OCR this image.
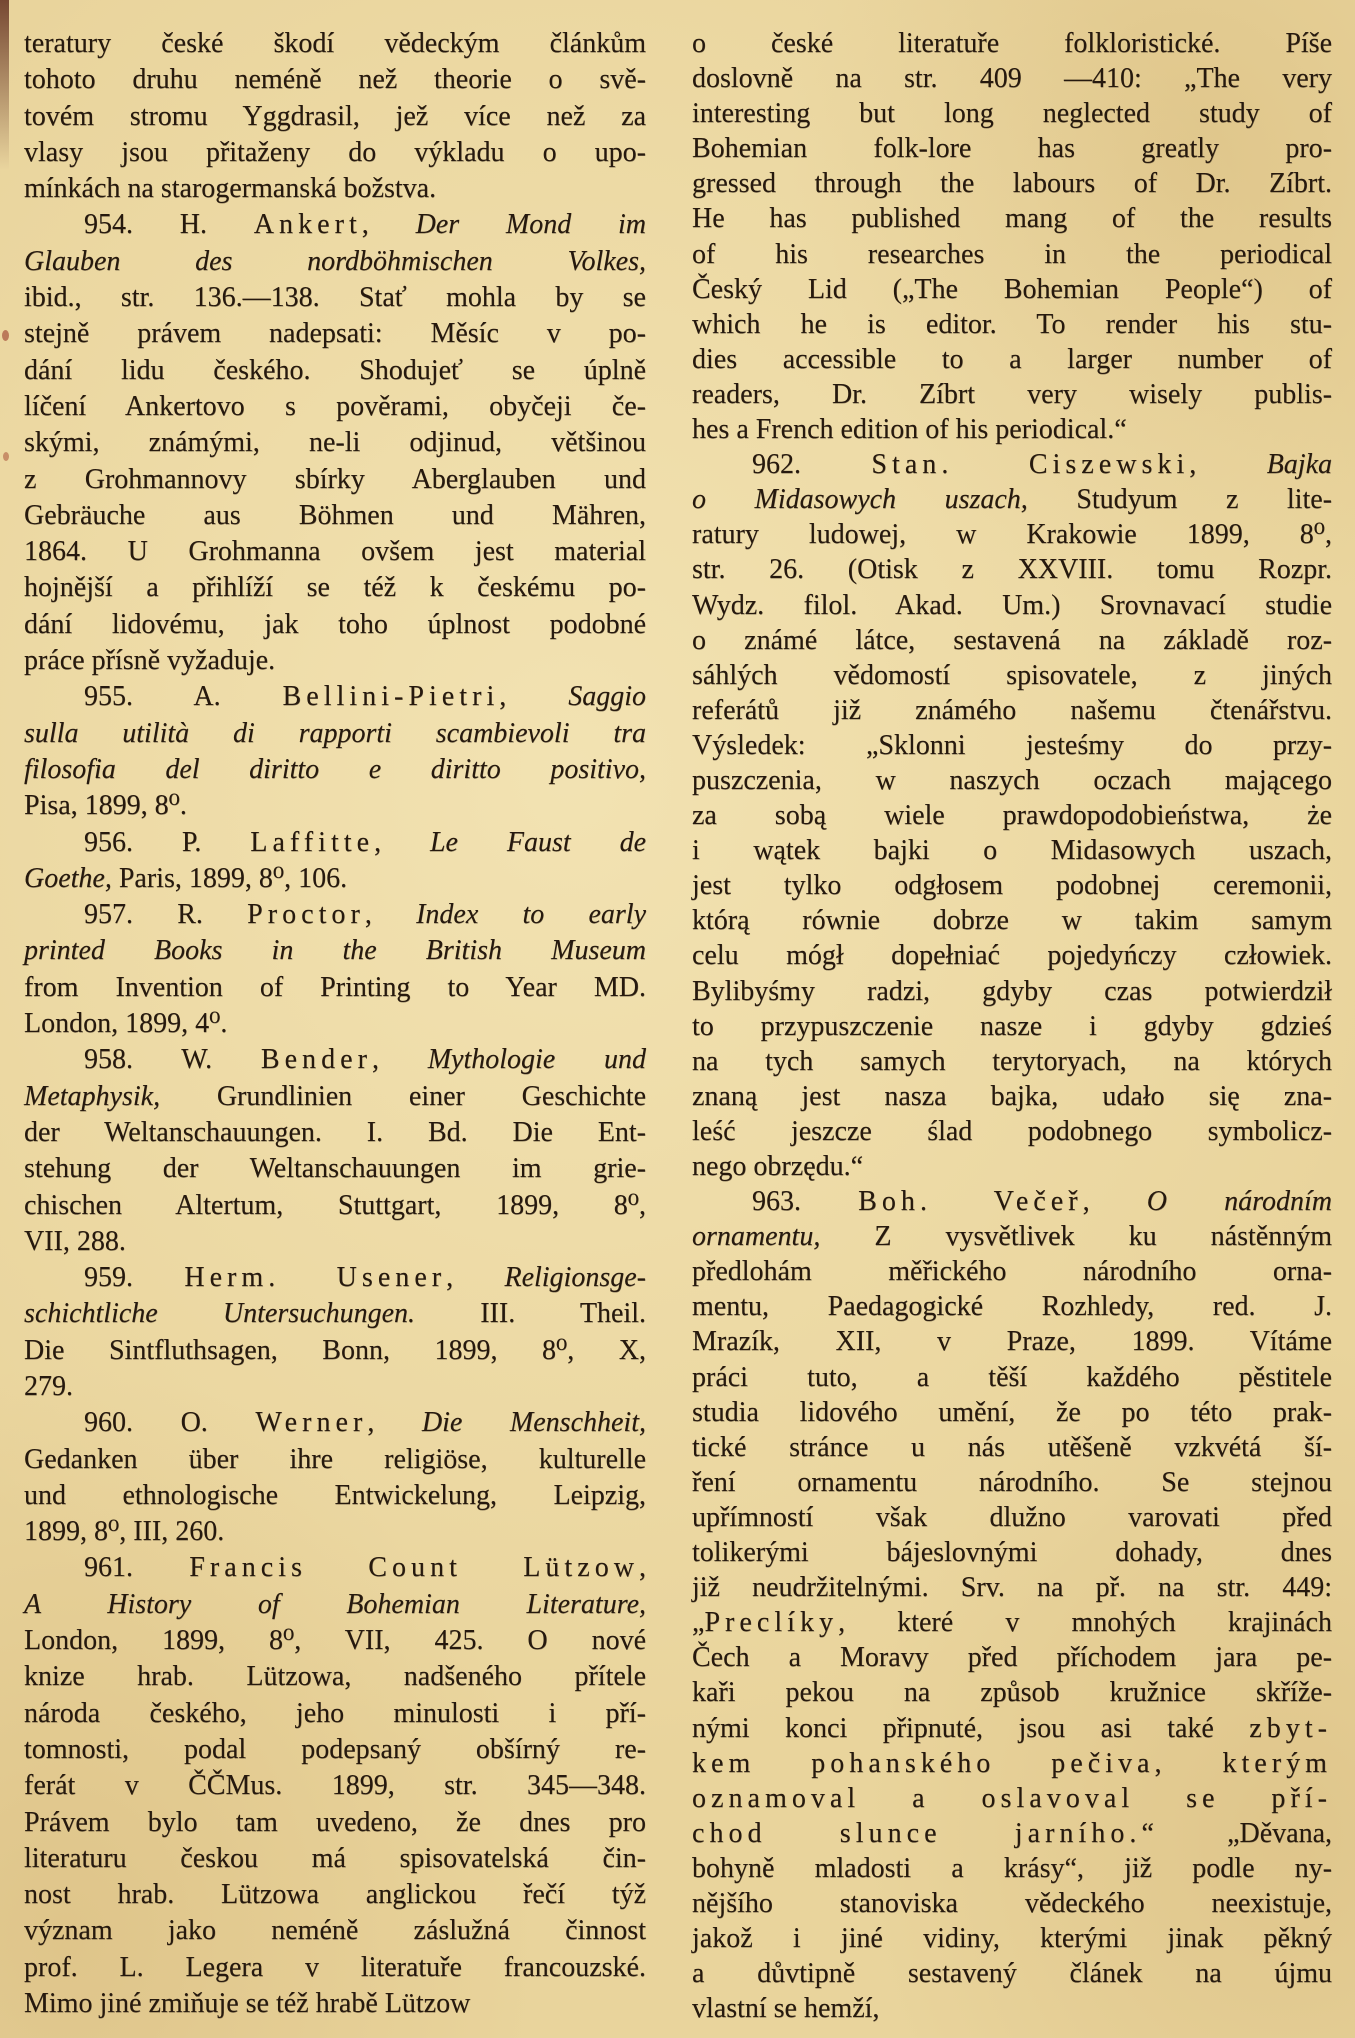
teratury české škodí vědeckým článkům
tohoto druhu neméně než theorie o svě-
tovém stromu Yggdrasil, jež více než za
vlasy jsou přitaženy do výkladu o upo-
mínkách na starogermanská božstva.
954. H. Ankert, Der Mond im
Glauben des nordböhmischen Volkes,
ibid., str. 136.—138. Stať mohla by se
stejně právem nadepsati: Měsíc v po-
dání lidu českého. Shodujeť se úplně
líčení Ankertovo s pověrami, obyčeji če-
skými, známými, ne-li odjinud, většinou
z Grohmannovy sbírky Aberglauben und
Gebräuche aus Böhmen und Mähren,
1864. U Grohmanna ovšem jest material
hojnější a přihlíží se též k českému po-
dání lidovému, jak toho úplnost podobné
práce přísně vyžaduje.
955. A. Bellini-Pietri, Saggio
sulla utilità di rapporti scambievoli tra
filosofia del diritto e diritto positivo,
Pisa, 1899, 8⁰.
956. P. Laffitte, Le Faust de
Goethe, Paris, 1899, 8⁰, 106.
957. R. Proctor, Index to early
printed Books in the British Museum
from Invention of Printing to Year MD.
London, 1899, 4⁰.
958. W. Bender, Mythologie und
Metaphysik, Grundlinien einer Geschichte
der Weltanschauungen. I. Bd. Die Ent-
stehung der Weltanschauungen im grie-
chischen Altertum, Stuttgart, 1899, 8⁰,
VII, 288.
959. Herm. Usener, Religionsge-
schichtliche Untersuchungen. III. Theil.
Die Sintfluthsagen, Bonn, 1899, 8⁰, X,
279.
960. O. Werner, Die Menschheit,
Gedanken über ihre religiöse, kulturelle
und ethnologische Entwickelung, Leipzig,
1899, 8⁰, III, 260.
961. Francis Count Lützow,
A History of Bohemian Literature,
London, 1899, 8⁰, VII, 425. O nové
knize hrab. Lützowa, nadšeného přítele
národa českého, jeho minulosti i pří-
tomnosti, podal podepsaný obšírný re-
ferát v ČČMus. 1899, str. 345—348.
Právem bylo tam uvedeno, že dnes pro
literaturu českou má spisovatelská čin-
nost hrab. Lützowa anglickou řečí týž
význam jako neméně záslužná činnost
prof. L. Legera v literatuře francouzské.
Mimo jiné zmiňuje se též hrabě Lützow
o české literatuře folkloristické. Píše
doslovně na str. 409 —410: „The very
interesting but long neglected study of
Bohemian folk-lore has greatly pro-
gressed through the labours of Dr. Zíbrt.
He has published mang of the results
of his researches in the periodical
Český Lid („The Bohemian People“) of
which he is editor. To render his stu-
dies accessible to a larger number of
readers, Dr. Zíbrt very wisely publis-
hes a French edition of his periodical.“
962. Stan. Ciszewski, Bajka
o Midasowych uszach, Studyum z lite-
ratury ludowej, w Krakowie 1899, 8⁰,
str. 26. (Otisk z XXVIII. tomu Rozpr.
Wydz. filol. Akad. Um.) Srovnavací studie
o známé látce, sestavená na základě roz-
sáhlých vědomostí spisovatele, z jiných
referátů již známého našemu čtenářstvu.
Výsledek: „Sklonni jesteśmy do przy-
puszczenia, w naszych oczach mającego
za sobą wiele prawdopodobieństwa, że
i wątek bajki o Midasowych uszach,
jest tylko odgłosem podobnej ceremonii,
którą równie dobrze w takim samym
celu mógł dopełniać pojedyńczy człowiek.
Bylibyśmy radzi, gdyby czas potwierdził
to przypuszczenie nasze i gdyby gdzieś
na tych samych terytoryach, na których
znaną jest nasza bajka, udało się zna-
leść jeszcze ślad podobnego symbolicz-
nego obrzędu.“
963. Boh. Večeř, O národním
ornamentu, Z vysvětlivek ku nástěnným
předlohám měřického národního orna-
mentu, Paedagogické Rozhledy, red. J.
Mrazík, XII, v Praze, 1899. Vítáme
práci tuto, a těší každého pěstitele
studia lidového umění, že po této prak-
tické stránce u nás utěšeně vzkvétá ší-
ření ornamentu národního. Se stejnou
upřímností však dlužno varovati před
tolikerými bájeslovnými dohady, dnes
již neudržitelnými. Srv. na př. na str. 449:
„Preclíky, které v mnohých krajinách
Čech a Moravy před příchodem jara pe-
kaři pekou na způsob kružnice skříže-
nými konci připnuté, jsou asi také zbyt-
kem pohanského pečiva, kterým
oznamoval a oslavoval se pří-
chod slunce jarního.“ „Děvana,
bohyně mladosti a krásy“, již podle ny-
nějšího stanoviska vědeckého neexistuje,
jakož i jiné vidiny, kterými jinak pěkný
a důvtipně sestavený článek na újmu
vlastní se hemží,
